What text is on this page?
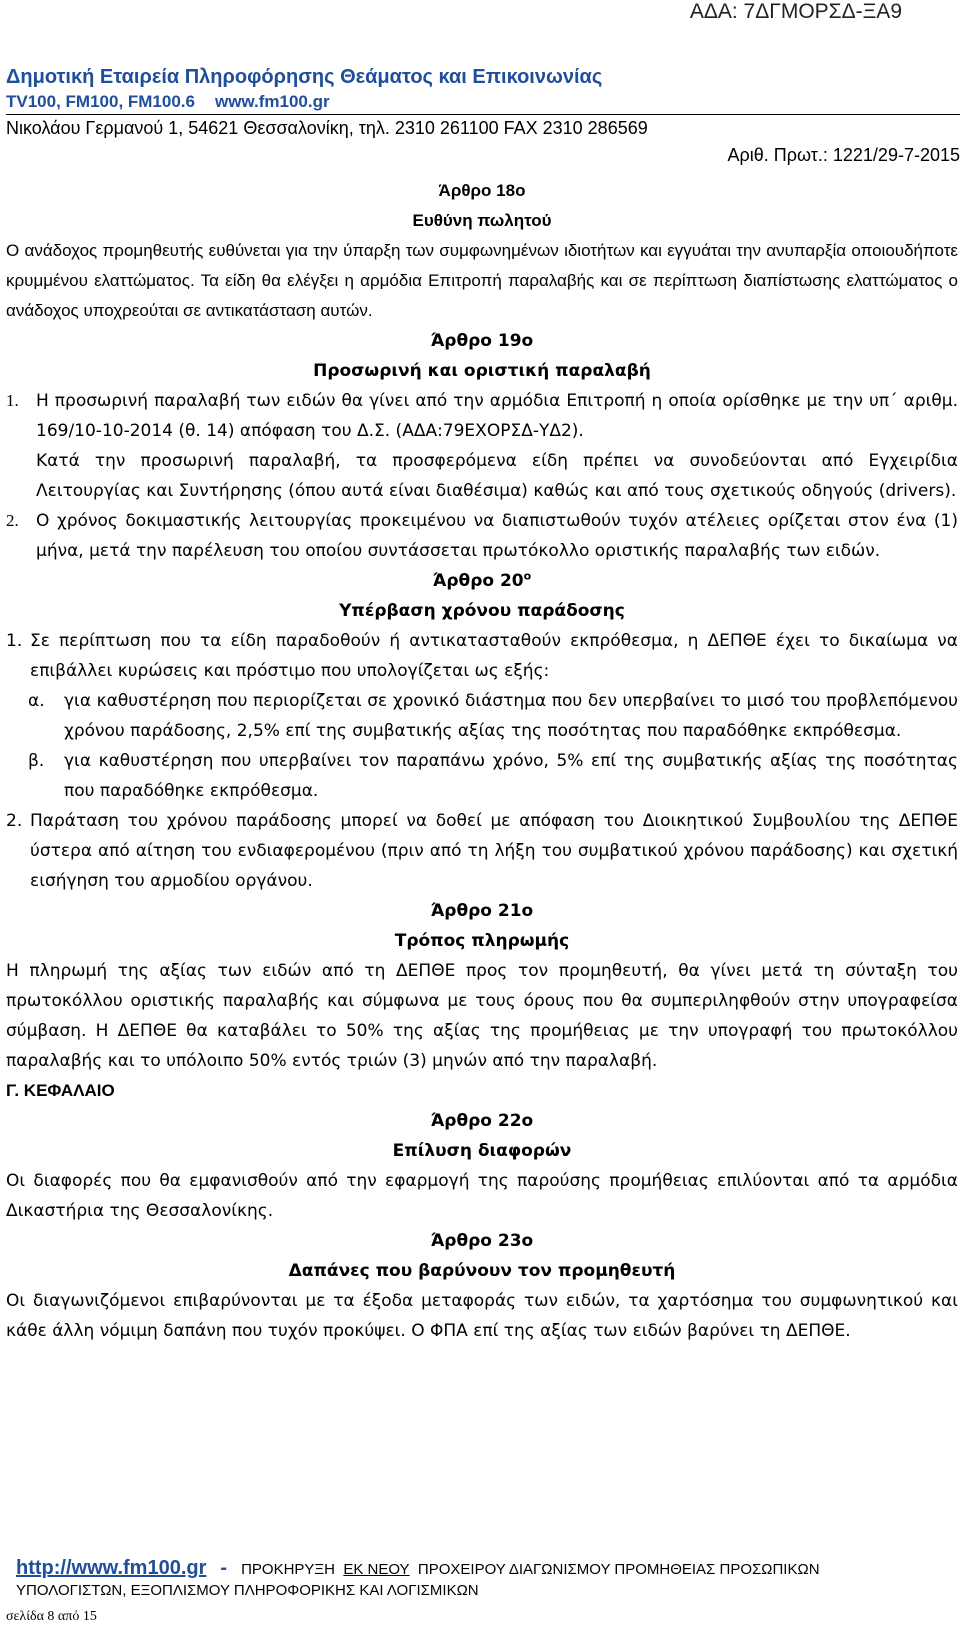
ΑΔΑ: 7ΔΓΜΟΡΣΔ-ΞΑ9
Δημοτική Εταιρεία Πληροφόρησης Θεάματος και Επικοινωνίας
TV100, FM100, FM100.6 www.fm100.gr
Νικολάου Γερμανού 1, 54621 Θεσσαλονίκη, τηλ. 2310 261100 FAX 2310 286569
Αριθ. Πρωτ.: 1221/29-7-2015
Άρθρο 18ο
Ευθύνη πωλητού
Ο ανάδοχος προμηθευτής ευθύνεται για την ύπαρξη των συμφωνημένων ιδιοτήτων και εγγυάται την ανυπαρξία οποιουδήποτε κρυμμένου ελαττώματος. Τα είδη θα ελέγξει η αρμόδια Επιτροπή παραλαβής και σε περίπτωση διαπίστωσης ελαττώματος ο ανάδοχος υποχρεούται σε αντικατάσταση αυτών.
Άρθρο 19ο
Προσωρινή και οριστική παραλαβή
1. Η προσωρινή παραλαβή των ειδών θα γίνει από την αρμόδια Επιτροπή η οποία ορίσθηκε με την υπ΄ αριθμ. 169/10-10-2014 (θ. 14) απόφαση του Δ.Σ. (ΑΔΑ:79ΕΧΟΡΣΔ-ΥΔ2).
Κατά την προσωρινή παραλαβή, τα προσφερόμενα είδη πρέπει να συνοδεύονται από Εγχειρίδια Λειτουργίας και Συντήρησης (όπου αυτά είναι διαθέσιμα) καθώς και από τους σχετικούς οδηγούς (drivers).
2. Ο χρόνος δοκιμαστικής λειτουργίας προκειμένου να διαπιστωθούν τυχόν ατέλειες ορίζεται στον ένα (1) μήνα, μετά την παρέλευση του οποίου συντάσσεται πρωτόκολλο οριστικής παραλαβής των ειδών.
Άρθρο $20^o$
Υπέρβαση χρόνου παράδοσης
1. Σε περίπτωση που τα είδη παραδοθούν ή αντικατασταθούν εκπρόθεσμα, η ΔΕΠΘΕ έχει το δικαίωμα να επιβάλλει κυρώσεις και πρόστιμο που υπολογίζεται ως εξής:
α. για καθυστέρηση που περιορίζεται σε χρονικό διάστημα που δεν υπερβαίνει το μισό του προβλεπόμενου χρόνου παράδοσης, 2,5% επί της συμβατικής αξίας της ποσότητας που παραδόθηκε εκπρόθεσμα.
β. για καθυστέρηση που υπερβαίνει τον παραπάνω χρόνο, 5% επί της συμβατικής αξίας της ποσότητας που παραδόθηκε εκπρόθεσμα.
2. Παράταση του χρόνου παράδοσης μπορεί να δοθεί με απόφαση του Διοικητικού Συμβουλίου της ΔΕΠΘΕ ύστερα από αίτηση του ενδιαφερομένου (πριν από τη λήξη του συμβατικού χρόνου παράδοσης) και σχετική εισήγηση του αρμοδίου οργάνου.
Άρθρο 21ο
Τρόπος πληρωμής
Η πληρωμή της αξίας των ειδών από τη ΔΕΠΘΕ προς τον προμηθευτή, θα γίνει μετά τη σύνταξη του πρωτοκόλλου οριστικής παραλαβής και σύμφωνα με τους όρους που θα συμπεριληφθούν στην υπογραφείσα σύμβαση. Η ΔΕΠΘΕ θα καταβάλει το 50% της αξίας της προμήθειας με την υπογραφή του πρωτοκόλλου παραλαβής και το υπόλοιπο 50% εντός τριών (3) μηνών από την παραλαβή.
Γ. ΚΕΦΑΛΑΙΟ
Άρθρο 22ο
Επίλυση διαφορών
Οι διαφορές που θα εμφανισθούν από την εφαρμογή της παρούσης προμήθειας επιλύονται από τα αρμόδια Δικαστήρια της Θεσσαλονίκης.
Άρθρο 23ο
Δαπάνες που βαρύνουν τον προμηθευτή
Οι διαγωνιζόμενοι επιβαρύνονται με τα έξοδα μεταφοράς των ειδών, τα χαρτόσημα του συμφωνητικού και κάθε άλλη νόμιμη δαπάνη που τυχόν προκύψει. Ο ΦΠΑ επί της αξίας των ειδών βαρύνει τη ΔΕΠΘΕ.
http://www.fm100.gr - ΠΡΟΚΗΡΥΞΗ ΕΚ ΝΕΟΥ ΠΡΟΧΕΙΡΟΥ ΔΙΑΓΩΝΙΣΜΟΥ ΠΡΟΜΗΘΕΙΑΣ ΠΡΟΣΩΠΙΚΩΝ
ΥΠΟΛΟΓΙΣΤΩΝ, ΕΞΟΠΛΙΣΜΟΥ ΠΛΗΡΟΦΟΡΙΚΗΣ ΚΑΙ ΛΟΓΙΣΜΙΚΩΝ
σελίδα 8 από 15
